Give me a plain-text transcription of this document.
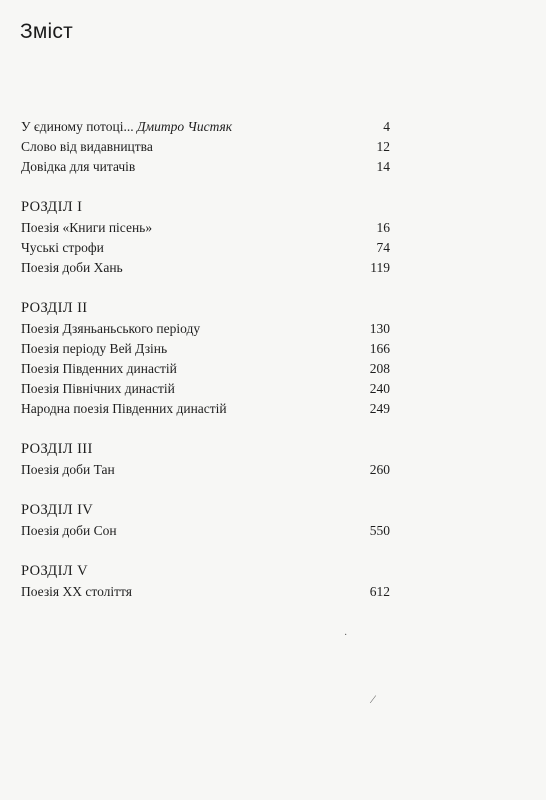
Зміст
У єдиному потоці... Дмитро Чистяк	4
Слово від видавництва	12
Довідка для читачів	14
РОЗДІЛ I
Поезія «Книги пісень»	16
Чуські строфи	74
Поезія доби Хань	119
РОЗДІЛ II
Поезія Дзяньаньського періоду	130
Поезія періоду Вей Дзінь	166
Поезія Південних династій	208
Поезія Північних династій	240
Народна поезія Південних династій	249
РОЗДІЛ III
Поезія доби Тан	260
РОЗДІЛ IV
Поезія доби Сон	550
РОЗДІЛ V
Поезія XX століття	612
·
⁄
